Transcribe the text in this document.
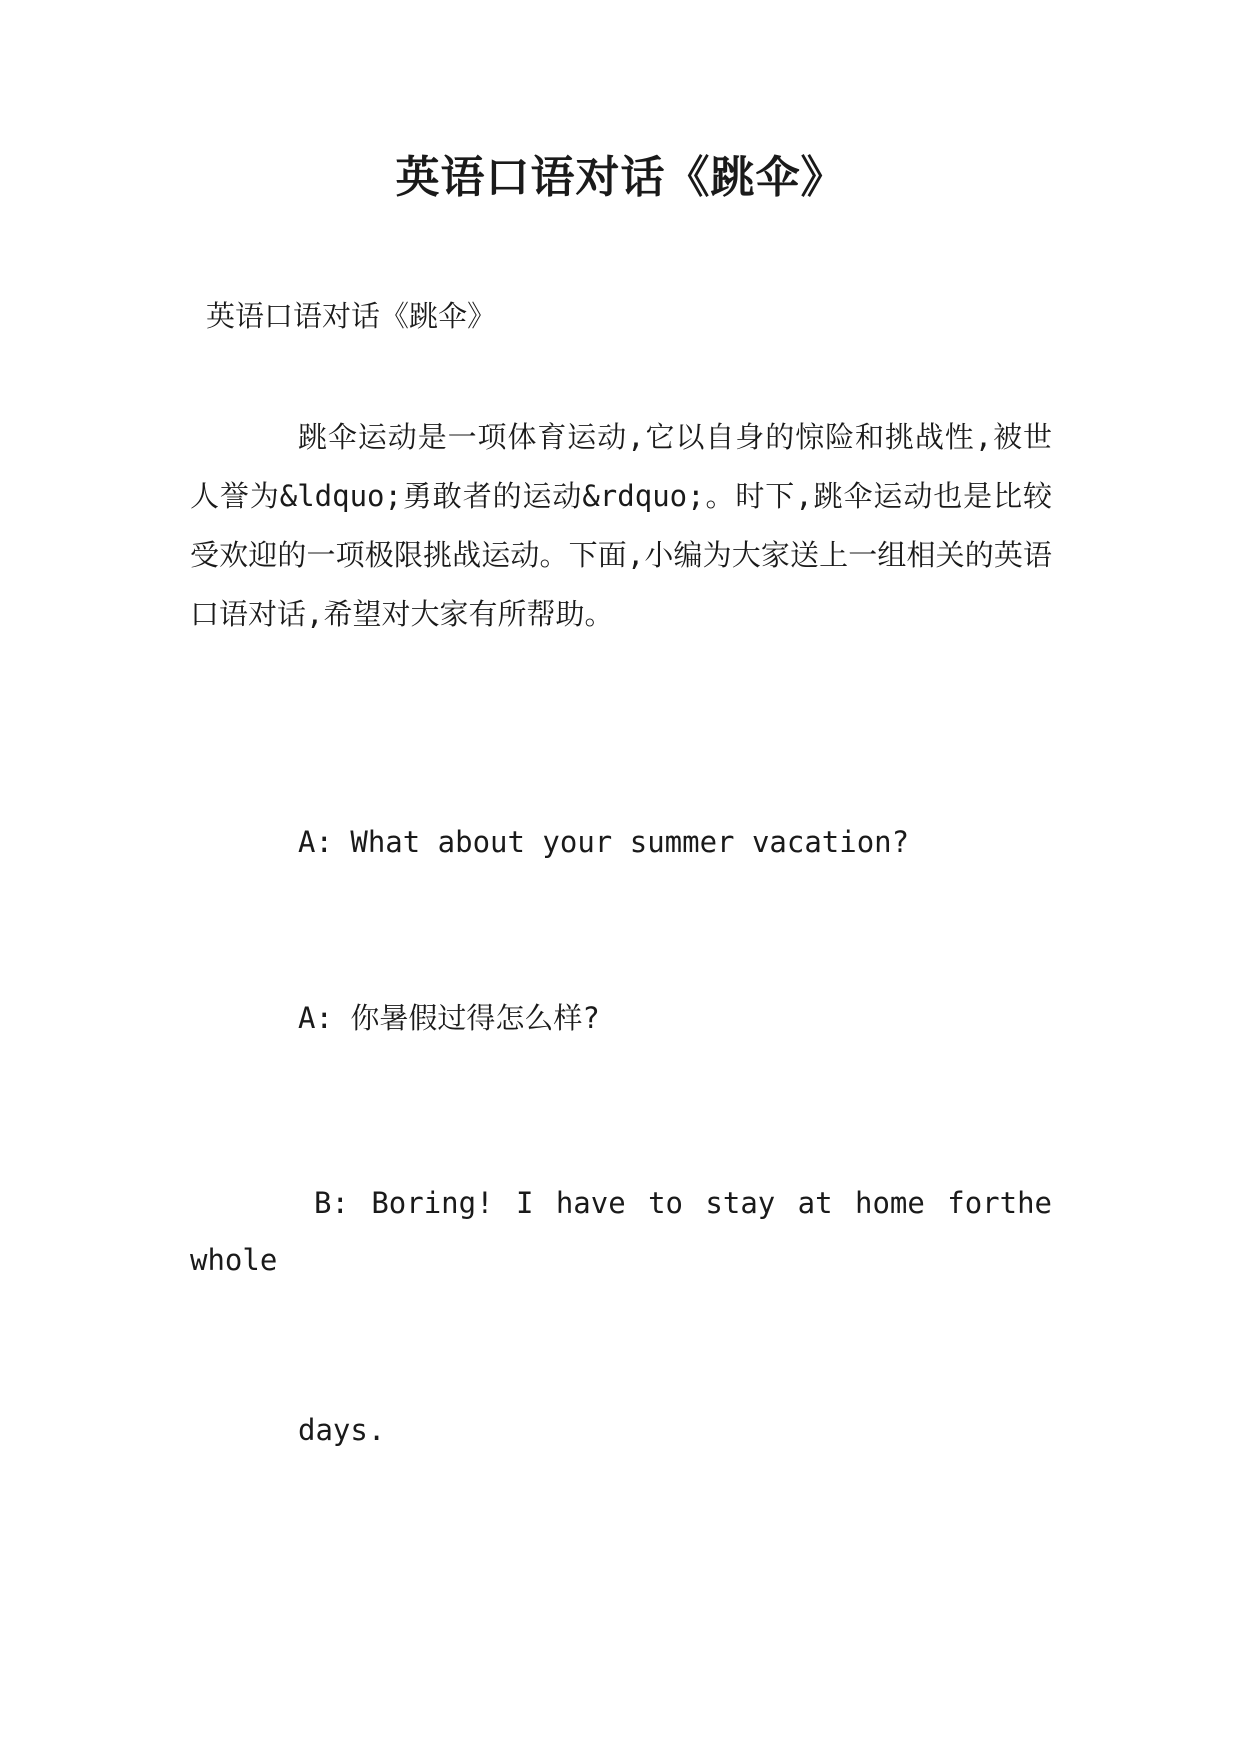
英语口语对话《跳伞》

英语口语对话《跳伞》

跳伞运动是一项体育运动,它以自身的惊险和挑战性,被世人誉为&ldquo;勇敢者的运动&rdquo;。时下,跳伞运动也是比较受欢迎的一项极限挑战运动。下面,小编为大家送上一组相关的英语口语对话,希望对大家有所帮助。

A: What about your summer vacation?

A: 你暑假过得怎么样?

B: Boring! I have to stay at home forthe

whole

days.
